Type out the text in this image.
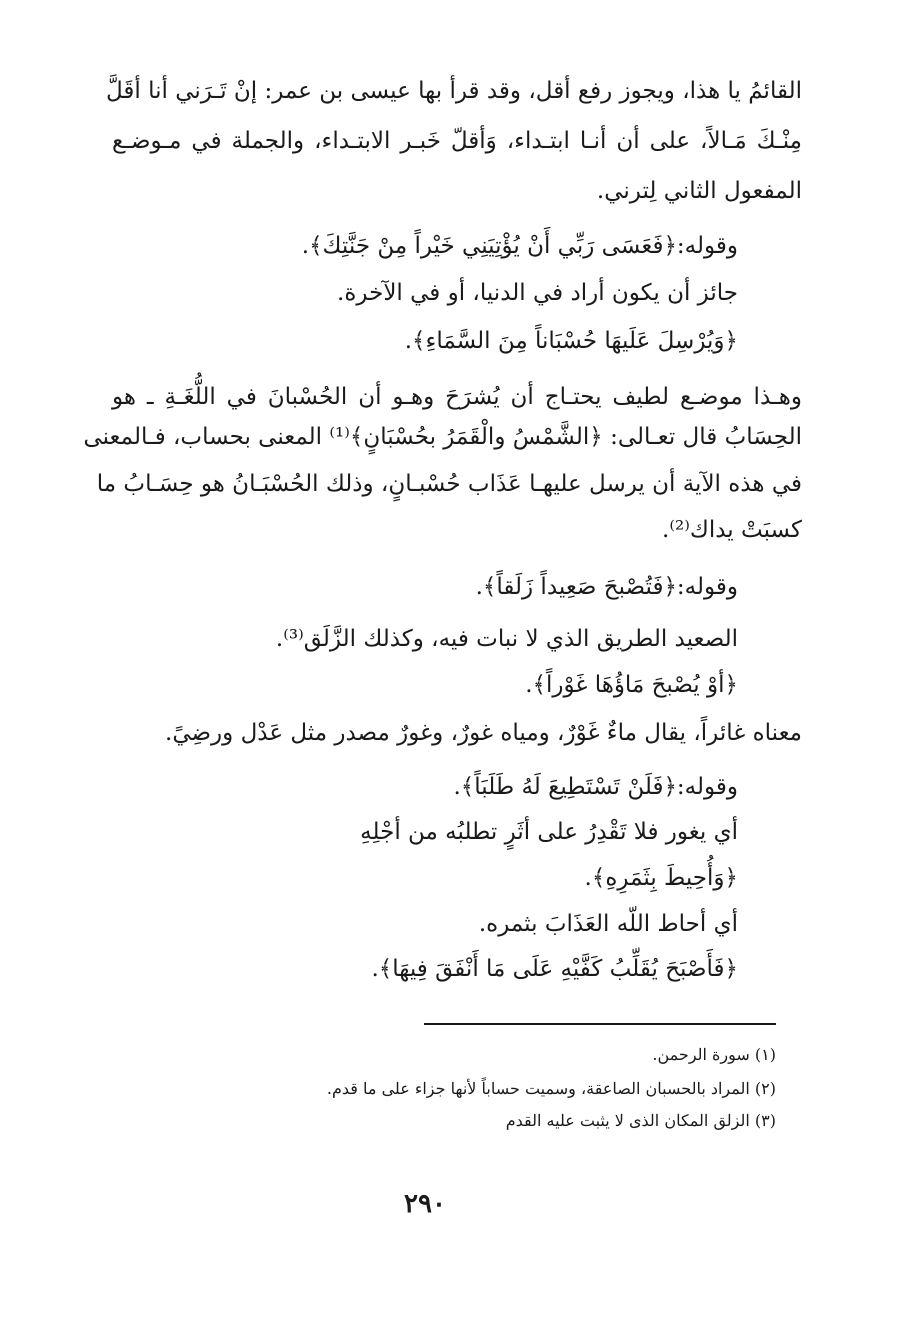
القائمُ يا هذا، ويجوز رفع أقل، وقد قرأ بها عيسى بن عمر: إنْ تَـرَني أنا أقَلَّ
مِنْـكَ مَـالاً، على أن أنـا ابتـداء، وَأقلّ خَبـر الابتـداء، والجملة في مـوضـع
المفعول الثاني لِترني.
وقوله:﴿فَعَسَى رَبِّي أَنْ يُؤْتِيَنِي خَيْراً مِنْ جَنَّتِكَ﴾.
جائز أن يكون أراد في الدنيا، أو في الآخرة.
﴿وَيُرْسِلَ عَلَيهَا حُسْبَاناً مِنَ السَّمَاءِ﴾.
وهـذا موضـع لطيف يحتـاج أن يُشرَحَ وهـو أن الحُسْبانَ في اللُّغَـةِ ـ هو
الحِسَابُ قال تعـالى: ﴿الشَّمْسُ والْقَمَرُ بحُسْبَانٍ﴾⁽¹⁾ المعنى بحساب، فـالمعنى
في هذه الآية أن يرسل عليهـا عَذَاب حُسْبـانٍ، وذلك الحُسْبَـانُ هو حِسَـابُ ما
كسبَتْ يداك⁽²⁾.
وقوله:﴿فَتُصْبحَ صَعِيداً زَلَقاً﴾.
الصعيد الطريق الذي لا نبات فيه، وكذلك الزَّلَق⁽³⁾.
﴿أوْ يُصْبحَ مَاؤُهَا غَوْراً﴾.
معناه غائراً، يقال ماءٌ غَوْرٌ، ومياه غورٌ، وغورٌ مصدر مثل عَدْل ورضِيً.
وقوله:﴿فَلَنْ تَسْتَطِيعَ لَهُ طَلَبَاً﴾.
أي يغور فلا تَقْدِرُ على أثَرٍ تطلبُه من أجْلِهِ
﴿وَأُحِيطَ بِثَمَرِهِ﴾.
أي أحاط اللّه العَذَابَ بثمره.
﴿فَأَصْبَحَ يُقَلِّبُ كَفَّيْهِ عَلَى مَا أَنْفَقَ فِيهَا﴾.
(١) سورة الرحمن.
(٢) المراد بالحسبان الصاعقة، وسميت حساباً لأنها جزاء على ما قدم.
(٣) الزلق المكان الذى لا يثبت عليه القدم
٢٩٠
